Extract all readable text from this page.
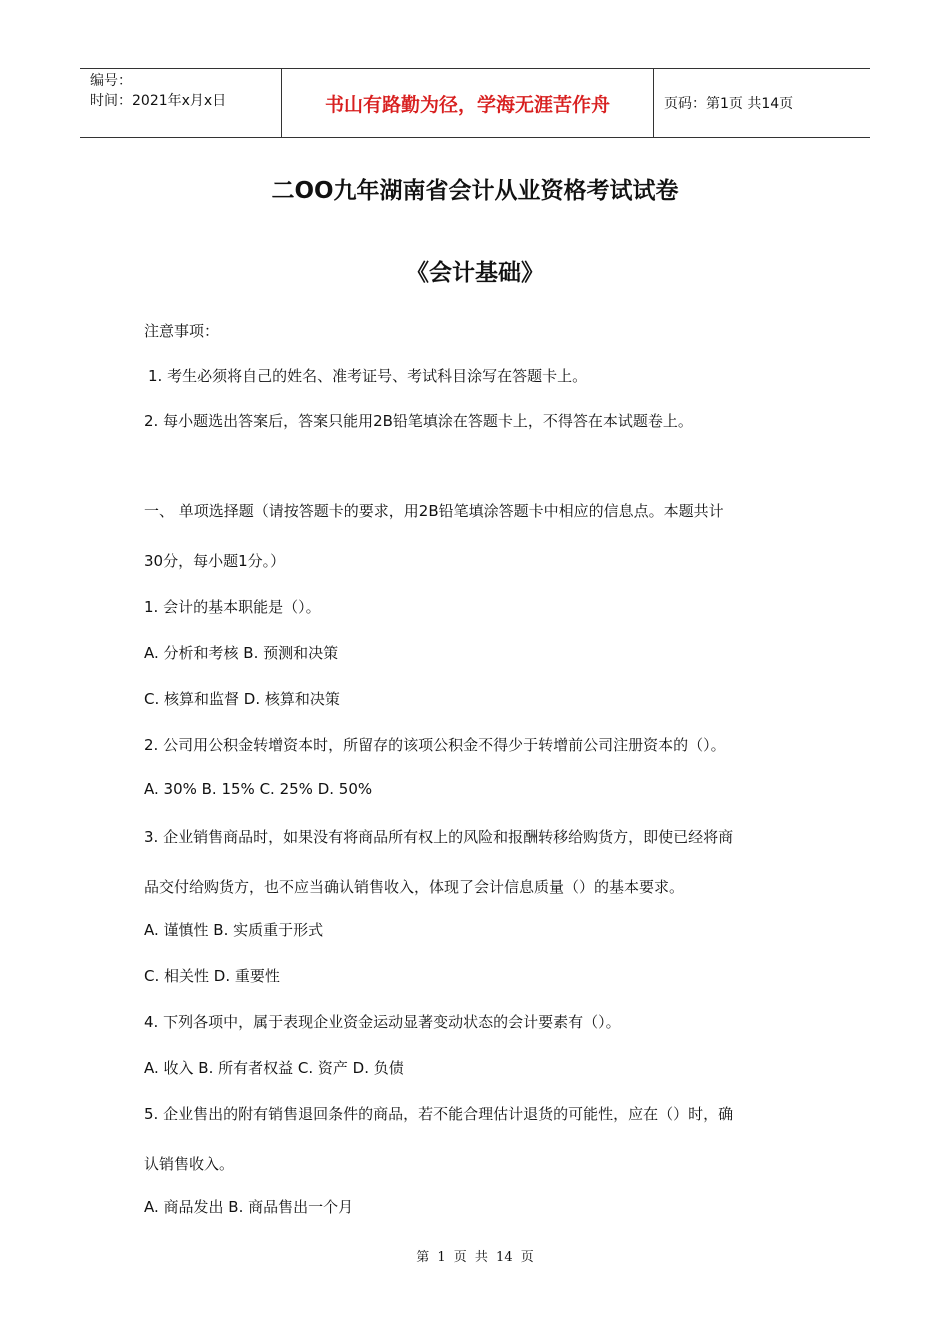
编号：
时间：2021年x月x日	书山有路勤为径，学海无涯苦作舟	页码：第1页 共14页
二OO九年湖南省会计从业资格考试试卷
《会计基础》
注意事项：
1. 考生必须将自己的姓名、准考证号、考试科目涂写在答题卡上。
2. 每小题选出答案后，答案只能用2B铅笔填涂在答题卡上，不得答在本试题卷上。
一、 单项选择题（请按答题卡的要求，用2B铅笔填涂答题卡中相应的信息点。本题共计
30分，每小题1分。）
1. 会计的基本职能是（）。
A. 分析和考核 B. 预测和决策
C. 核算和监督 D. 核算和决策
2. 公司用公积金转增资本时，所留存的该项公积金不得少于转增前公司注册资本的（）。
A. 30% B. 15% C. 25% D. 50%
3. 企业销售商品时，如果没有将商品所有权上的风险和报酬转移给购货方，即使已经将商
品交付给购货方，也不应当确认销售收入，体现了会计信息质量（）的基本要求。
A. 谨慎性 B. 实质重于形式
C. 相关性 D. 重要性
4. 下列各项中，属于表现企业资金运动显著变动状态的会计要素有（）。
A. 收入 B. 所有者权益 C. 资产 D. 负债
5. 企业售出的附有销售退回条件的商品，若不能合理估计退货的可能性，应在（）时，确
认销售收入。
A. 商品发出 B. 商品售出一个月
第 1 页 共 14 页
